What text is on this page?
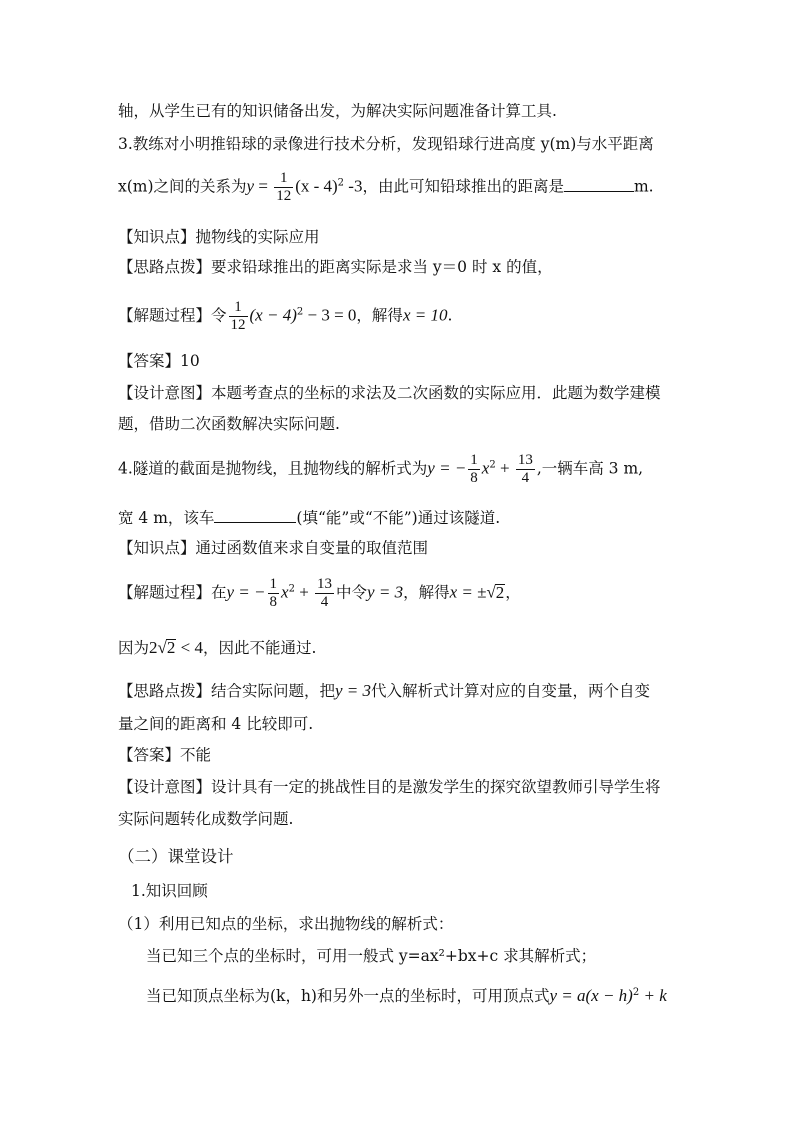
轴，从学生已有的知识储备出发，为解决实际问题准备计算工具.
3.教练对小明推铅球的录像进行技术分析，发现铅球行进高度 y(m)与水平距离
x(m)之间的关系为$y = \frac{1}{12} (x - 4)^2$ -3，由此可知铅球推出的距离是	m.
【知识点】抛物线的实际应用
【思路点拨】要求铅球推出的距离实际是求当 y＝0 时 x 的值，
【解题过程】令 $\frac{1}{12} (x - 4)^2 - 3 = 0$，解得x = 10.
【答案】10
【设计意图】本题考查点的坐标的求法及二次函数的实际应用．此题为数学建模
题，借助二次函数解决实际问题.
4.隧道的截面是抛物线，且抛物线的解析式为y = − $\frac{1}{8} x^2 + \frac{13}{4}$ ,一辆车高 3 m,
宽 4 m，该车	(填“能”或“不能”)通过该隧道.
【知识点】通过函数值来求自变量的取值范围
【解题过程】在y = − $\frac{1}{8} x^2 + \frac{13}{4}$ 中令y = 3，解得x = ±√2，
因为2√2 < 4，因此不能通过.
【思路点拨】结合实际问题，把y = 3代入解析式计算对应的自变量，两个自变
量之间的距离和 4 比较即可.
【答案】不能
【设计意图】设计具有一定的挑战性目的是激发学生的探究欲望教师引导学生将
实际问题转化成数学问题.
（二）课堂设计
1.知识回顾
（1）利用已知点的坐标，求出抛物线的解析式：
当已知三个点的坐标时，可用一般式 y=ax²+bx+c 求其解析式；
当已知顶点坐标为(k，h)和另外一点的坐标时，可用顶点式$y = a(x - h)^2 + k$
